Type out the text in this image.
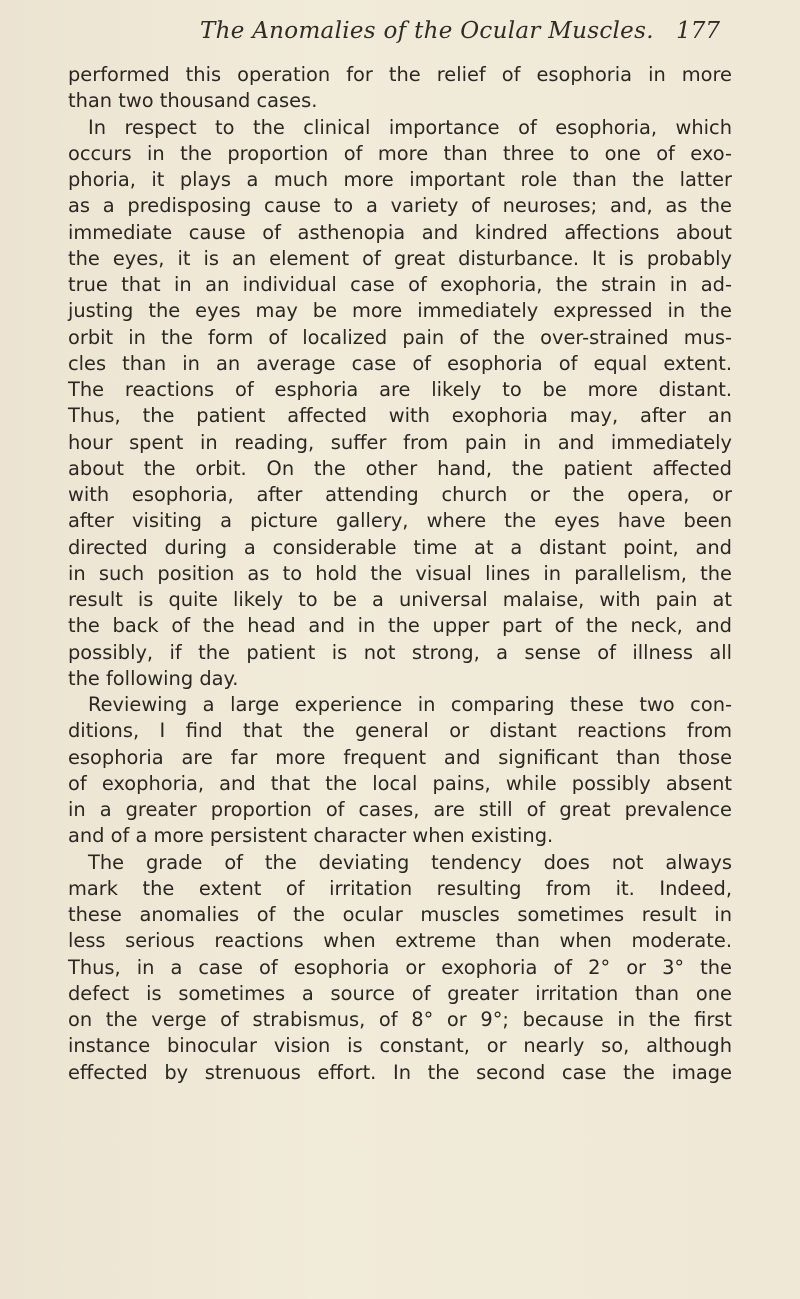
The Anomalies of the Ocular Muscles. 177
performed this operation for the relief of esophoria in more
than two thousand cases.
In respect to the clinical importance of esophoria, which
occurs in the proportion of more than three to one of exo-
phoria, it plays a much more important role than the latter
as a predisposing cause to a variety of neuroses; and, as the
immediate cause of asthenopia and kindred affections about
the eyes, it is an element of great disturbance. It is probably
true that in an individual case of exophoria, the strain in ad-
justing the eyes may be more immediately expressed in the
orbit in the form of localized pain of the over-strained mus-
cles than in an average case of esophoria of equal extent.
The reactions of esphoria are likely to be more distant.
Thus, the patient affected with exophoria may, after an
hour spent in reading, suffer from pain in and immediately
about the orbit. On the other hand, the patient affected
with esophoria, after attending church or the opera, or
after visiting a picture gallery, where the eyes have been
directed during a considerable time at a distant point, and
in such position as to hold the visual lines in parallelism, the
result is quite likely to be a universal malaise, with pain at
the back of the head and in the upper part of the neck, and
possibly, if the patient is not strong, a sense of illness all
the following day.
Reviewing a large experience in comparing these two con-
ditions, I find that the general or distant reactions from
esophoria are far more frequent and significant than those
of exophoria, and that the local pains, while possibly absent
in a greater proportion of cases, are still of great prevalence
and of a more persistent character when existing.
The grade of the deviating tendency does not always
mark the extent of irritation resulting from it. Indeed,
these anomalies of the ocular muscles sometimes result in
less serious reactions when extreme than when moderate.
Thus, in a case of esophoria or exophoria of 2° or 3° the
defect is sometimes a source of greater irritation than one
on the verge of strabismus, of 8° or 9°; because in the first
instance binocular vision is constant, or nearly so, although
effected by strenuous effort. In the second case the image
